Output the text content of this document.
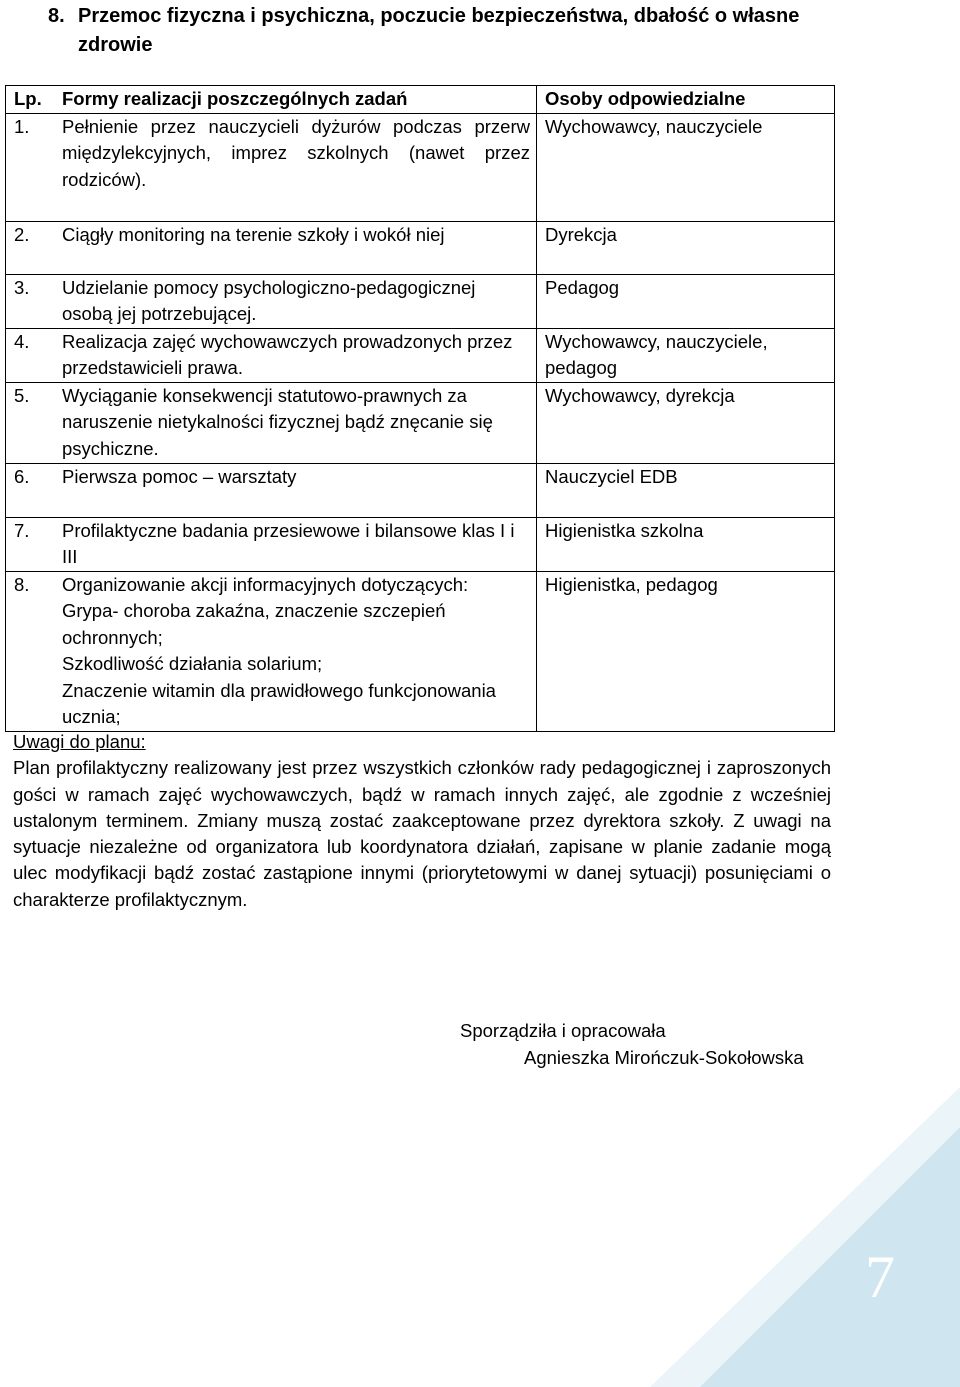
8. Przemoc fizyczna i psychiczna, poczucie bezpieczeństwa, dbałość o własne zdrowie
Lp. Formy realizacji poszczególnych zadań	Osoby odpowiedzialne

1. Pełnienie przez nauczycieli dyżurów podczas przerw międzylekcyjnych, imprez szkolnych (nawet przez rodziców).	Wychowawcy, nauczyciele

2. Ciągły monitoring na terenie szkoły i wokół niej	Dyrekcja

3. Udzielanie pomocy psychologiczno-pedagogicznej osobą jej potrzebującej.	Pedagog

4. Realizacja zajęć wychowawczych prowadzonych przez przedstawicieli prawa.	Wychowawcy, nauczyciele, pedagog

5. Wyciąganie konsekwencji statutowo-prawnych za naruszenie nietykalności fizycznej bądź znęcanie się psychiczne.	Wychowawcy, dyrekcja

6. Pierwsza pomoc – warsztaty	Nauczyciel EDB

7. Profilaktyczne badania przesiewowe i bilansowe klas I i III	Higienistka szkolna

8. Organizowanie akcji informacyjnych dotyczących:
Grypa- choroba zakaźna, znaczenie szczepień ochronnych;
Szkodliwość działania solarium;
Znaczenie witamin dla prawidłowego funkcjonowania ucznia;	Higienistka, pedagog
Uwagi do planu:

Plan profilaktyczny realizowany jest przez wszystkich członków rady pedagogicznej i zaproszonych gości w ramach zajęć wychowawczych, bądź w ramach innych zajęć, ale zgodnie z wcześniej ustalonym terminem. Zmiany muszą zostać zaakceptowane przez dyrektora szkoły. Z uwagi na sytuacje niezależne od organizatora lub koordynatora działań, zapisane w planie zadanie mogą ulec modyfikacji bądź zostać zastąpione innymi (priorytetowymi w danej sytuacji) posunięciami o charakterze profilaktycznym.

Sporządziła i opracowała
Agnieszka Mirończuk-Sokołowska
7
